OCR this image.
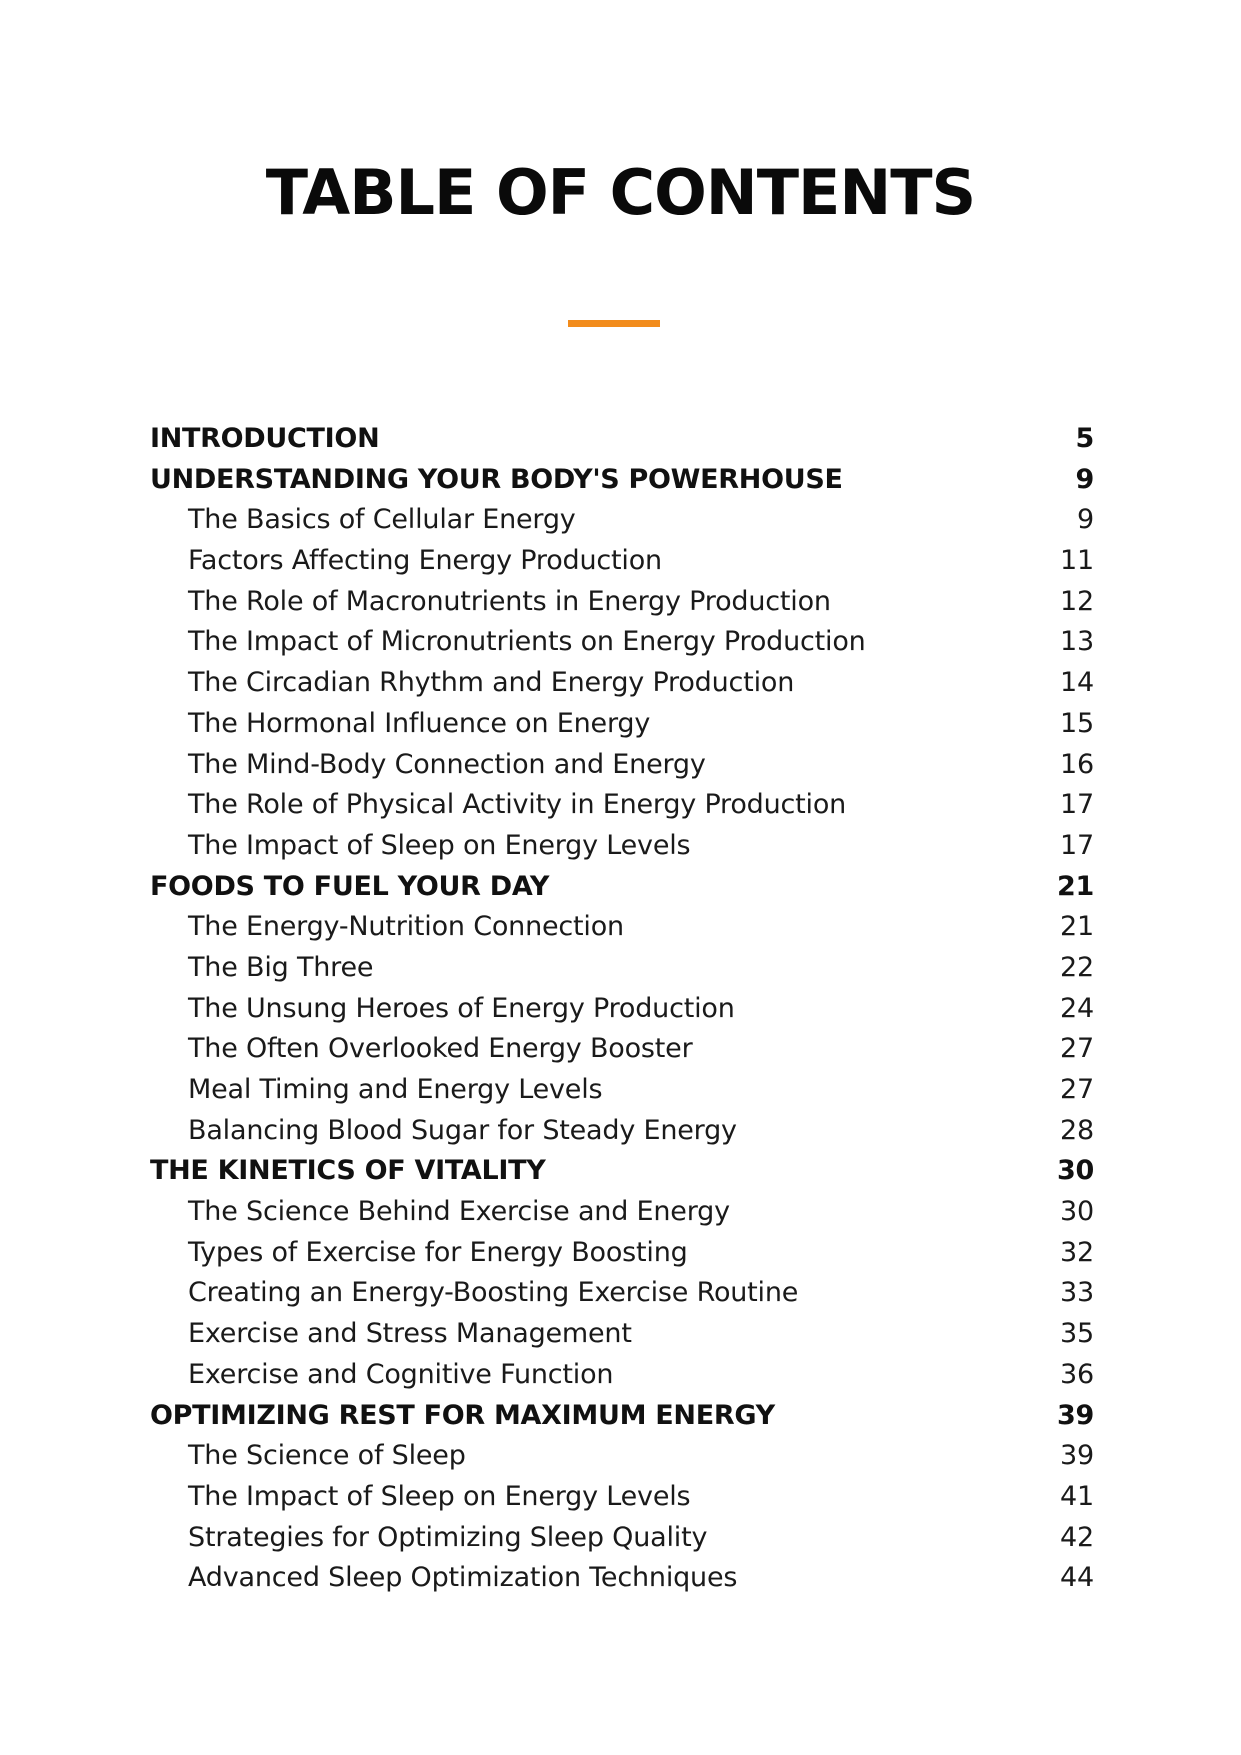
TABLE OF CONTENTS
INTRODUCTION	5
UNDERSTANDING YOUR BODY'S POWERHOUSE	9
The Basics of Cellular Energy	9
Factors Affecting Energy Production	11
The Role of Macronutrients in Energy Production	12
The Impact of Micronutrients on Energy Production	13
The Circadian Rhythm and Energy Production	14
The Hormonal Influence on Energy	15
The Mind-Body Connection and Energy	16
The Role of Physical Activity in Energy Production	17
The Impact of Sleep on Energy Levels	17
FOODS TO FUEL YOUR DAY	21
The Energy-Nutrition Connection	21
The Big Three	22
The Unsung Heroes of Energy Production	24
The Often Overlooked Energy Booster	27
Meal Timing and Energy Levels	27
Balancing Blood Sugar for Steady Energy	28
THE KINETICS OF VITALITY	30
The Science Behind Exercise and Energy	30
Types of Exercise for Energy Boosting	32
Creating an Energy-Boosting Exercise Routine	33
Exercise and Stress Management	35
Exercise and Cognitive Function	36
OPTIMIZING REST FOR MAXIMUM ENERGY	39
The Science of Sleep	39
The Impact of Sleep on Energy Levels	41
Strategies for Optimizing Sleep Quality	42
Advanced Sleep Optimization Techniques	44
